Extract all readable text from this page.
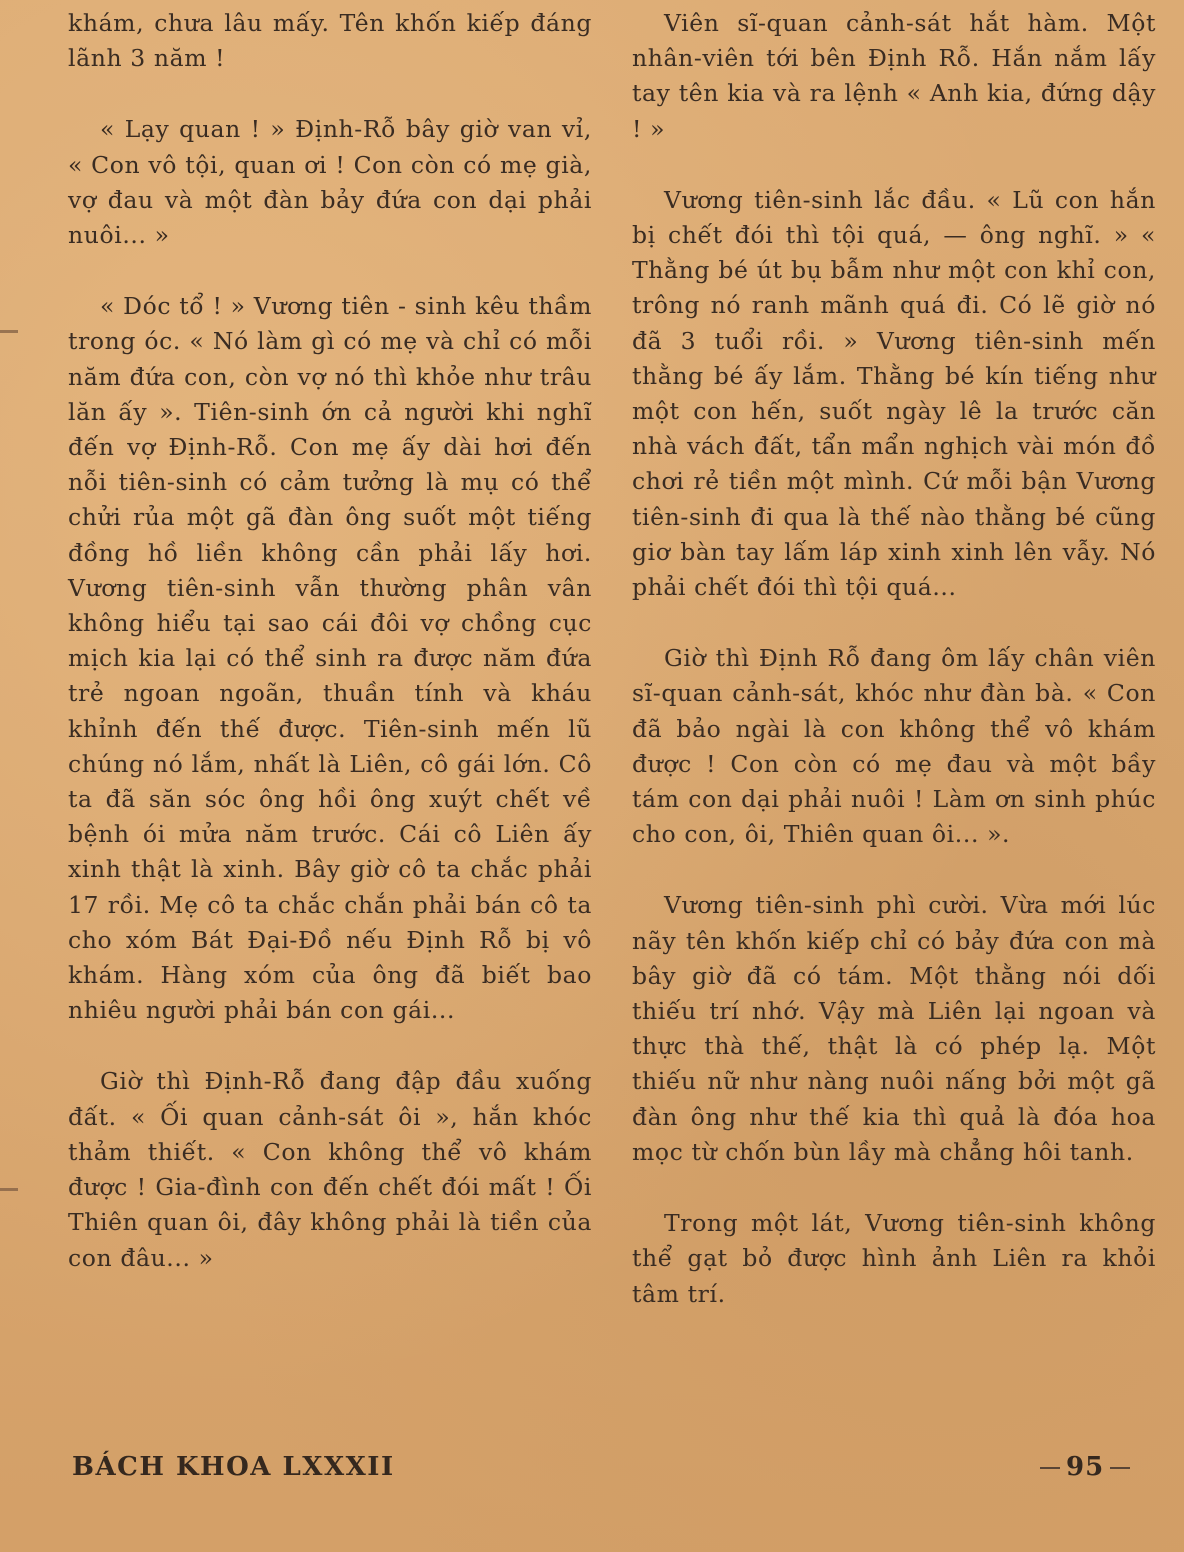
khám, chưa lâu mấy. Tên khốn kiếp đáng lãnh 3 năm !

« Lạy quan ! » Định-Rỗ bây giờ van vỉ, « Con vô tội, quan ơi ! Con còn có mẹ già, vợ đau và một đàn bảy đứa con dại phải nuôi... »

« Dóc tổ ! » Vương tiên - sinh kêu thầm trong óc. « Nó làm gì có mẹ và chỉ có mỗi năm đứa con, còn vợ nó thì khỏe như trâu lăn ấy ». Tiên-sinh ớn cả người khi nghĩ đến vợ Định-Rỗ. Con mẹ ấy dài hơi đến nỗi tiên-sinh có cảm tưởng là mụ có thể chửi rủa một gã đàn ông suốt một tiếng đồng hồ liền không cần phải lấy hơi. Vương tiên-sinh vẫn thường phân vân không hiểu tại sao cái đôi vợ chồng cục mịch kia lại có thể sinh ra được năm đứa trẻ ngoan ngoãn, thuần tính và kháu khỉnh đến thế được. Tiên-sinh mến lũ chúng nó lắm, nhất là Liên, cô gái lớn. Cô ta đã săn sóc ông hồi ông xuýt chết về bệnh ói mửa năm trước. Cái cô Liên ấy xinh thật là xinh. Bây giờ cô ta chắc phải 17 rồi. Mẹ cô ta chắc chắn phải bán cô ta cho xóm Bát Đại-Đồ nếu Định Rỗ bị vô khám. Hàng xóm của ông đã biết bao nhiêu người phải bán con gái...

Giờ thì Định-Rỗ đang đập đầu xuống đất. « Ối quan cảnh-sát ôi », hắn khóc thảm thiết. « Con không thể vô khám được ! Gia-đình con đến chết đói mất ! Ối Thiên quan ôi, đây không phải là tiền của con đâu... »

Viên sĩ-quan cảnh-sát hắt hàm. Một nhân-viên tới bên Định Rỗ. Hắn nắm lấy tay tên kia và ra lệnh « Anh kia, đứng dậy ! »

Vương tiên-sinh lắc đầu. « Lũ con hắn bị chết đói thì tội quá, — ông nghĩ. » « Thằng bé út bụ bẫm như một con khỉ con, trông nó ranh mãnh quá đi. Có lẽ giờ nó đã 3 tuổi rồi. » Vương tiên-sinh mến thằng bé ấy lắm. Thằng bé kín tiếng như một con hến, suốt ngày lê la trước căn nhà vách đất, tẩn mẩn nghịch vài món đồ chơi rẻ tiền một mình. Cứ mỗi bận Vương tiên-sinh đi qua là thế nào thằng bé cũng giơ bàn tay lấm láp xinh xinh lên vẫy. Nó phải chết đói thì tội quá...

Giờ thì Định Rỗ đang ôm lấy chân viên sĩ-quan cảnh-sát, khóc như đàn bà. « Con đã bảo ngài là con không thể vô khám được ! Con còn có mẹ đau và một bầy tám con dại phải nuôi ! Làm ơn sinh phúc cho con, ôi, Thiên quan ôi... ».

Vương tiên-sinh phì cười. Vừa mới lúc nãy tên khốn kiếp chỉ có bảy đứa con mà bây giờ đã có tám. Một thằng nói dối thiếu trí nhớ. Vậy mà Liên lại ngoan và thực thà thế, thật là có phép lạ. Một thiếu nữ như nàng nuôi nấng bởi một gã đàn ông như thế kia thì quả là đóa hoa mọc từ chốn bùn lầy mà chẳng hôi tanh.

Trong một lát, Vương tiên-sinh không thể gạt bỏ được hình ảnh Liên ra khỏi tâm trí.

BÁCH KHOA LXXXII	95
